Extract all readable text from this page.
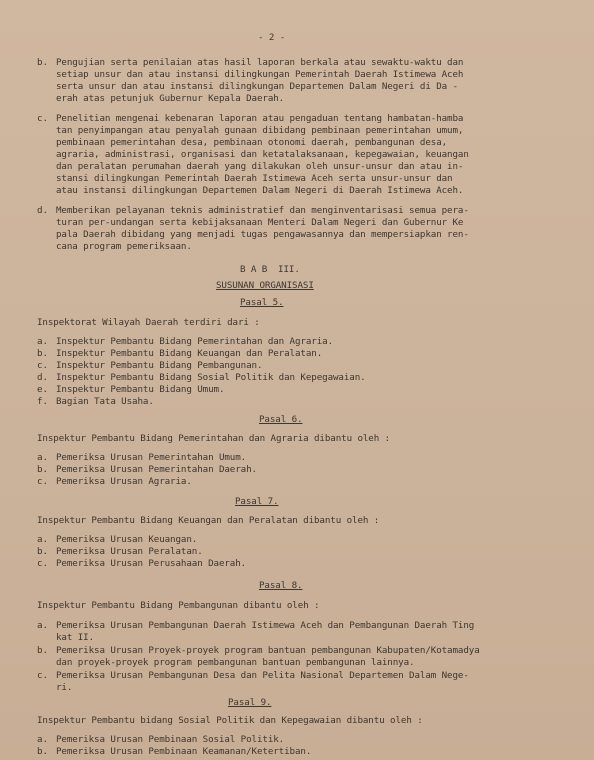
- 2 -
b. Pengujian serta penilaian atas hasil laporan berkala atau sewaktu-waktu dan
setiap unsur dan atau instansi dilingkungan Pemerintah Daerah Istimewa Aceh
serta unsur dan atau instansi dilingkungan Departemen Dalam Negeri di Da -
erah atas petunjuk Gubernur Kepala Daerah.
c. Penelitian mengenai kebenaran laporan atau pengaduan tentang hambatan-hamba
tan penyimpangan atau penyalah gunaan dibidang pembinaan pemerintahan umum,
pembinaan pemerintahan desa, pembinaan otonomi daerah, pembangunan desa,
agraria, administrasi, organisasi dan ketatalaksanaan, kepegawaian, keuangan
dan peralatan perumahan daerah yang dilakukan oleh unsur-unsur dan atau in-
stansi dilingkungan Pemerintah Daerah Istimewa Aceh serta unsur-unsur dan
atau instansi dilingkungan Departemen Dalam Negeri di Daerah Istimewa Aceh.
d. Memberikan pelayanan teknis administratief dan menginventarisasi semua pera-
turan per-undangan serta kebijaksanaan Menteri Dalam Negeri dan Gubernur Ke
pala Daerah dibidang yang menjadi tugas pengawasannya dan mempersiapkan ren-
cana program pemeriksaan.
B A B  III.
SUSUNAN ORGANISASI
Pasal 5.
Inspektorat Wilayah Daerah terdiri dari :
a. Inspektur Pembantu Bidang Pemerintahan dan Agraria.
b. Inspektur Pembantu Bidang Keuangan dan Peralatan.
c. Inspektur Pembantu Bidang Pembangunan.
d. Inspektur Pembantu Bidang Sosial Politik dan Kepegawaian.
e. Inspektur Pembantu Bidang Umum.
f. Bagian Tata Usaha.
Pasal 6.
Inspektur Pembantu Bidang Pemerintahan dan Agraria dibantu oleh :
a. Pemeriksa Urusan Pemerintahan Umum.
b. Pemeriksa Urusan Pemerintahan Daerah.
c. Pemeriksa Urusan Agraria.
Pasal 7.
Inspektur Pembantu Bidang Keuangan dan Peralatan dibantu oleh :
a. Pemeriksa Urusan Keuangan.
b. Pemeriksa Urusan Peralatan.
c. Pemeriksa Urusan Perusahaan Daerah.
Pasal 8.
Inspektur Pembantu Bidang Pembangunan dibantu oleh :
a. Pemeriksa Urusan Pembangunan Daerah Istimewa Aceh dan Pembangunan Daerah Ting
kat II.
b. Pemeriksa Urusan Proyek-proyek program bantuan pembangunan Kabupaten/Kotamadya
dan proyek-proyek program pembangunan bantuan pembangunan lainnya.
c. Pemeriksa Urusan Pembangunan Desa dan Pelita Nasional Departemen Dalam Nege-
ri.
Pasal 9.
Inspektur Pembantu bidang Sosial Politik dan Kepegawaian dibantu oleh :
a. Pemeriksa Urusan Pembinaan Sosial Politik.
b. Pemeriksa Urusan Pembinaan Keamanan/Ketertiban.
